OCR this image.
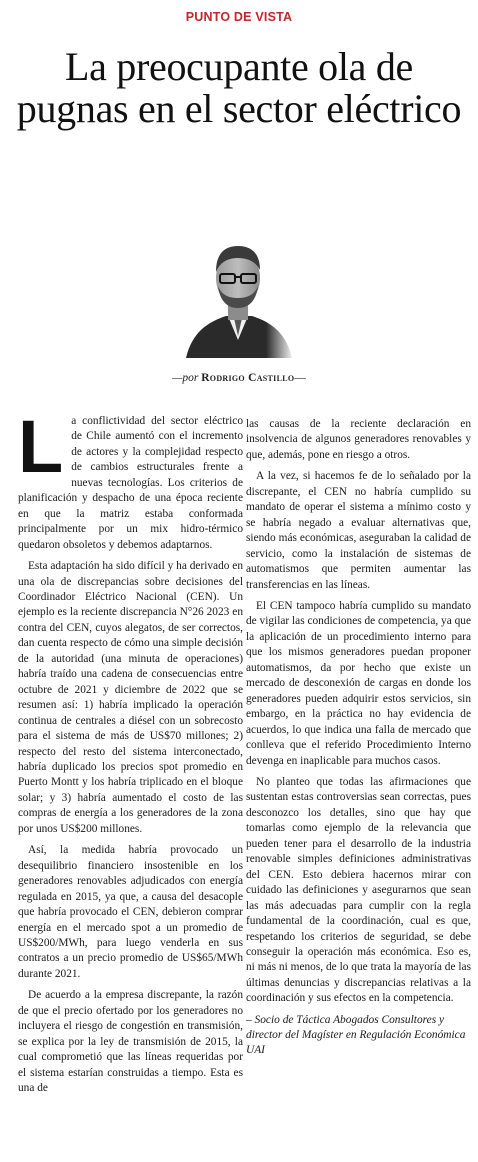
PUNTO DE VISTA
La preocupante ola de pugnas en el sector eléctrico
—por Rodrigo Castillo—

La conflictividad del sector eléctrico de Chile aumentó con el incremento de actores y la complejidad respecto de cambios estructurales frente a nuevas tecnologías. Los criterios de planificación y despacho de una época reciente en que la matriz estaba conformada principalmente por un mix hidro-térmico quedaron obsoletos y debemos adaptarnos.

Esta adaptación ha sido difícil y ha derivado en una ola de discrepancias sobre decisiones del Coordinador Eléctrico Nacional (CEN). Un ejemplo es la reciente discrepancia N°26 2023 en contra del CEN, cuyos alegatos, de ser correctos, dan cuenta respecto de cómo una simple decisión de la autoridad (una minuta de operaciones) habría traído una cadena de consecuencias entre octubre de 2021 y diciembre de 2022 que se resumen así: 1) habría implicado la operación continua de centrales a diésel con un sobrecosto para el sistema de más de US$70 millones; 2) respecto del resto del sistema interconectado, habría duplicado los precios spot promedio en Puerto Montt y los habría triplicado en el bloque solar; y 3) habría aumentado el costo de las compras de energía a los generadores de la zona por unos US$200 millones.

Así, la medida habría provocado un desequilibrio financiero insostenible en los generadores renovables adjudicados con energía regulada en 2015, ya que, a causa del desacople que habría provocado el CEN, debieron comprar energía en el mercado spot a un promedio de US$200/MWh, para luego venderla en sus contratos a un precio promedio de US$65/MWh durante 2021.

De acuerdo a la empresa discrepante, la razón de que el precio ofertado por los generadores no incluyera el riesgo de congestión en transmisión, se explica por la ley de transmisión de 2015, la cual comprometió que las líneas requeridas por el sistema estarían construidas a tiempo. Esta es una de

las causas de la reciente declaración en insolvencia de algunos generadores renovables y que, además, pone en riesgo a otros.

A la vez, si hacemos fe de lo señalado por la discrepante, el CEN no habría cumplido su mandato de operar el sistema a mínimo costo y se habría negado a evaluar alternativas que, siendo más económicas, aseguraban la calidad de servicio, como la instalación de sistemas de automatismos que permiten aumentar las transferencias en las líneas.

El CEN tampoco habría cumplido su mandato de vigilar las condiciones de competencia, ya que la aplicación de un procedimiento interno para que los mismos generadores puedan proponer automatismos, da por hecho que existe un mercado de desconexión de cargas en donde los generadores pueden adquirir estos servicios, sin embargo, en la práctica no hay evidencia de acuerdos, lo que indica una falla de mercado que conlleva que el referido Procedimiento Interno devenga en inaplicable para muchos casos.

No planteo que todas las afirmaciones que sustentan estas controversias sean correctas, pues desconozco los detalles, sino que hay que tomarlas como ejemplo de la relevancia que pueden tener para el desarrollo de la industria renovable simples definiciones administrativas del CEN. Esto debiera hacernos mirar con cuidado las definiciones y asegurarnos que sean las más adecuadas para cumplir con la regla fundamental de la coordinación, cual es que, respetando los criterios de seguridad, se debe conseguir la operación más económica. Eso es, ni más ni menos, de lo que trata la mayoría de las últimas denuncias y discrepancias relativas a la coordinación y sus efectos en la competencia.

– Socio de Táctica Abogados Consultores y director del Magíster en Regulación Económica UAI
